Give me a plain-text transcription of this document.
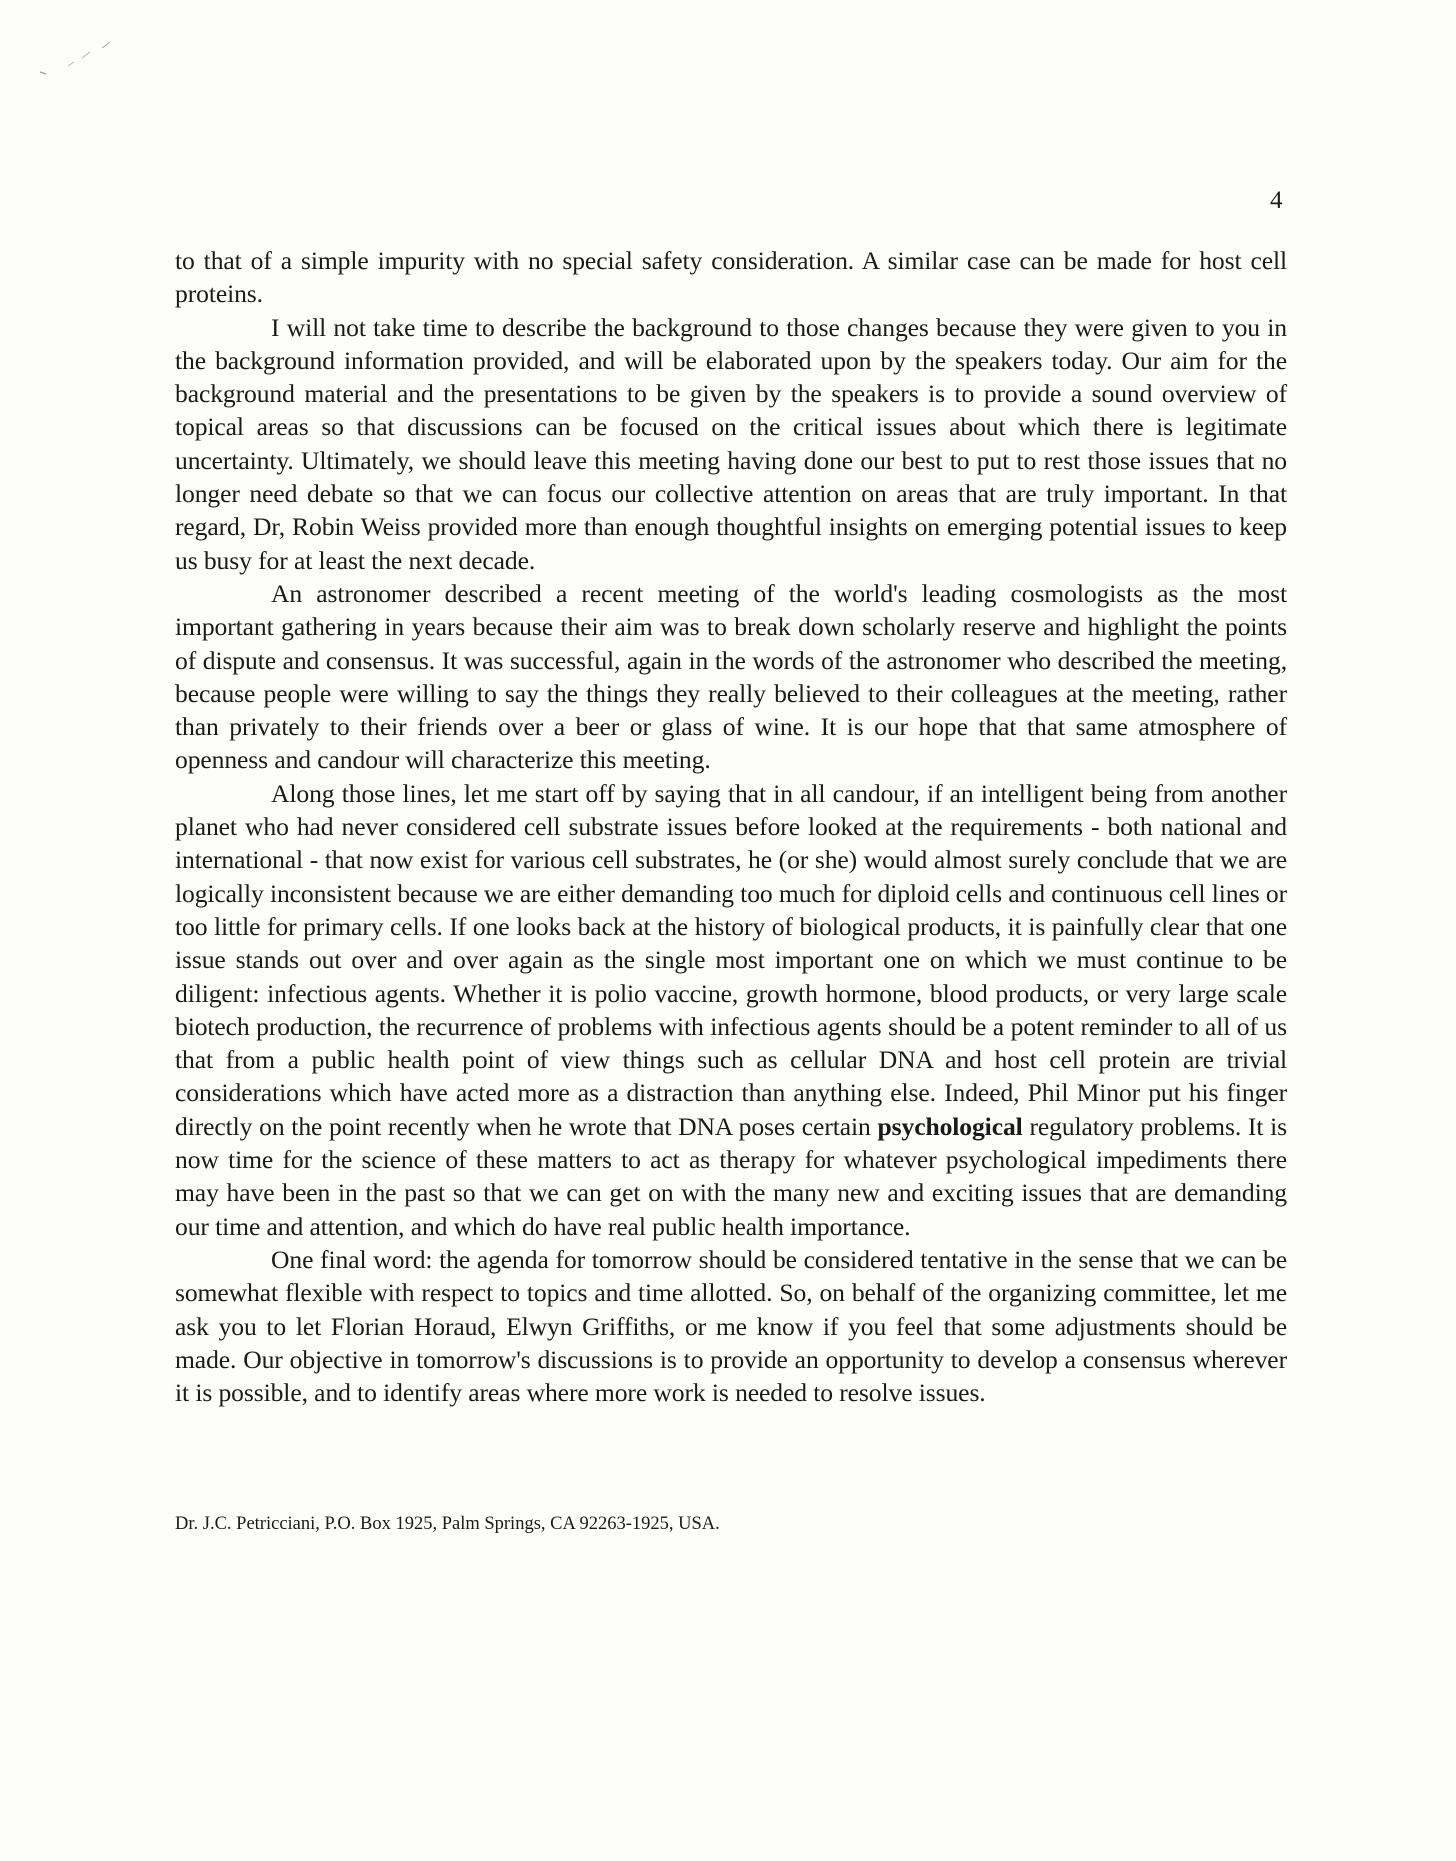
4

to that of a simple impurity with no special safety consideration. A similar case can be made for host cell proteins.

I will not take time to describe the background to those changes because they were given to you in the background information provided, and will be elaborated upon by the speakers today. Our aim for the background material and the presentations to be given by the speakers is to provide a sound overview of topical areas so that discussions can be focused on the critical issues about which there is legitimate uncertainty. Ultimately, we should leave this meeting having done our best to put to rest those issues that no longer need debate so that we can focus our collective attention on areas that are truly important. In that regard, Dr, Robin Weiss provided more than enough thoughtful insights on emerging potential issues to keep us busy for at least the next decade.

An astronomer described a recent meeting of the world's leading cosmologists as the most important gathering in years because their aim was to break down scholarly reserve and highlight the points of dispute and consensus. It was successful, again in the words of the astronomer who described the meeting, because people were willing to say the things they really believed to their colleagues at the meeting, rather than privately to their friends over a beer or glass of wine. It is our hope that that same atmosphere of openness and candour will characterize this meeting.

Along those lines, let me start off by saying that in all candour, if an intelligent being from another planet who had never considered cell substrate issues before looked at the requirements - both national and international - that now exist for various cell substrates, he (or she) would almost surely conclude that we are logically inconsistent because we are either demanding too much for diploid cells and continuous cell lines or too little for primary cells. If one looks back at the history of biological products, it is painfully clear that one issue stands out over and over again as the single most important one on which we must continue to be diligent: infectious agents. Whether it is polio vaccine, growth hormone, blood products, or very large scale biotech production, the recurrence of problems with infectious agents should be a potent reminder to all of us that from a public health point of view things such as cellular DNA and host cell protein are trivial considerations which have acted more as a distraction than anything else. Indeed, Phil Minor put his finger directly on the point recently when he wrote that DNA poses certain psychological regulatory problems. It is now time for the science of these matters to act as therapy for whatever psychological impediments there may have been in the past so that we can get on with the many new and exciting issues that are demanding our time and attention, and which do have real public health importance.

One final word: the agenda for tomorrow should be considered tentative in the sense that we can be somewhat flexible with respect to topics and time allotted. So, on behalf of the organizing committee, let me ask you to let Florian Horaud, Elwyn Griffiths, or me know if you feel that some adjustments should be made. Our objective in tomorrow's discussions is to provide an opportunity to develop a consensus wherever it is possible, and to identify areas where more work is needed to resolve issues.

Dr. J.C. Petricciani, P.O. Box 1925, Palm Springs, CA 92263-1925, USA.
